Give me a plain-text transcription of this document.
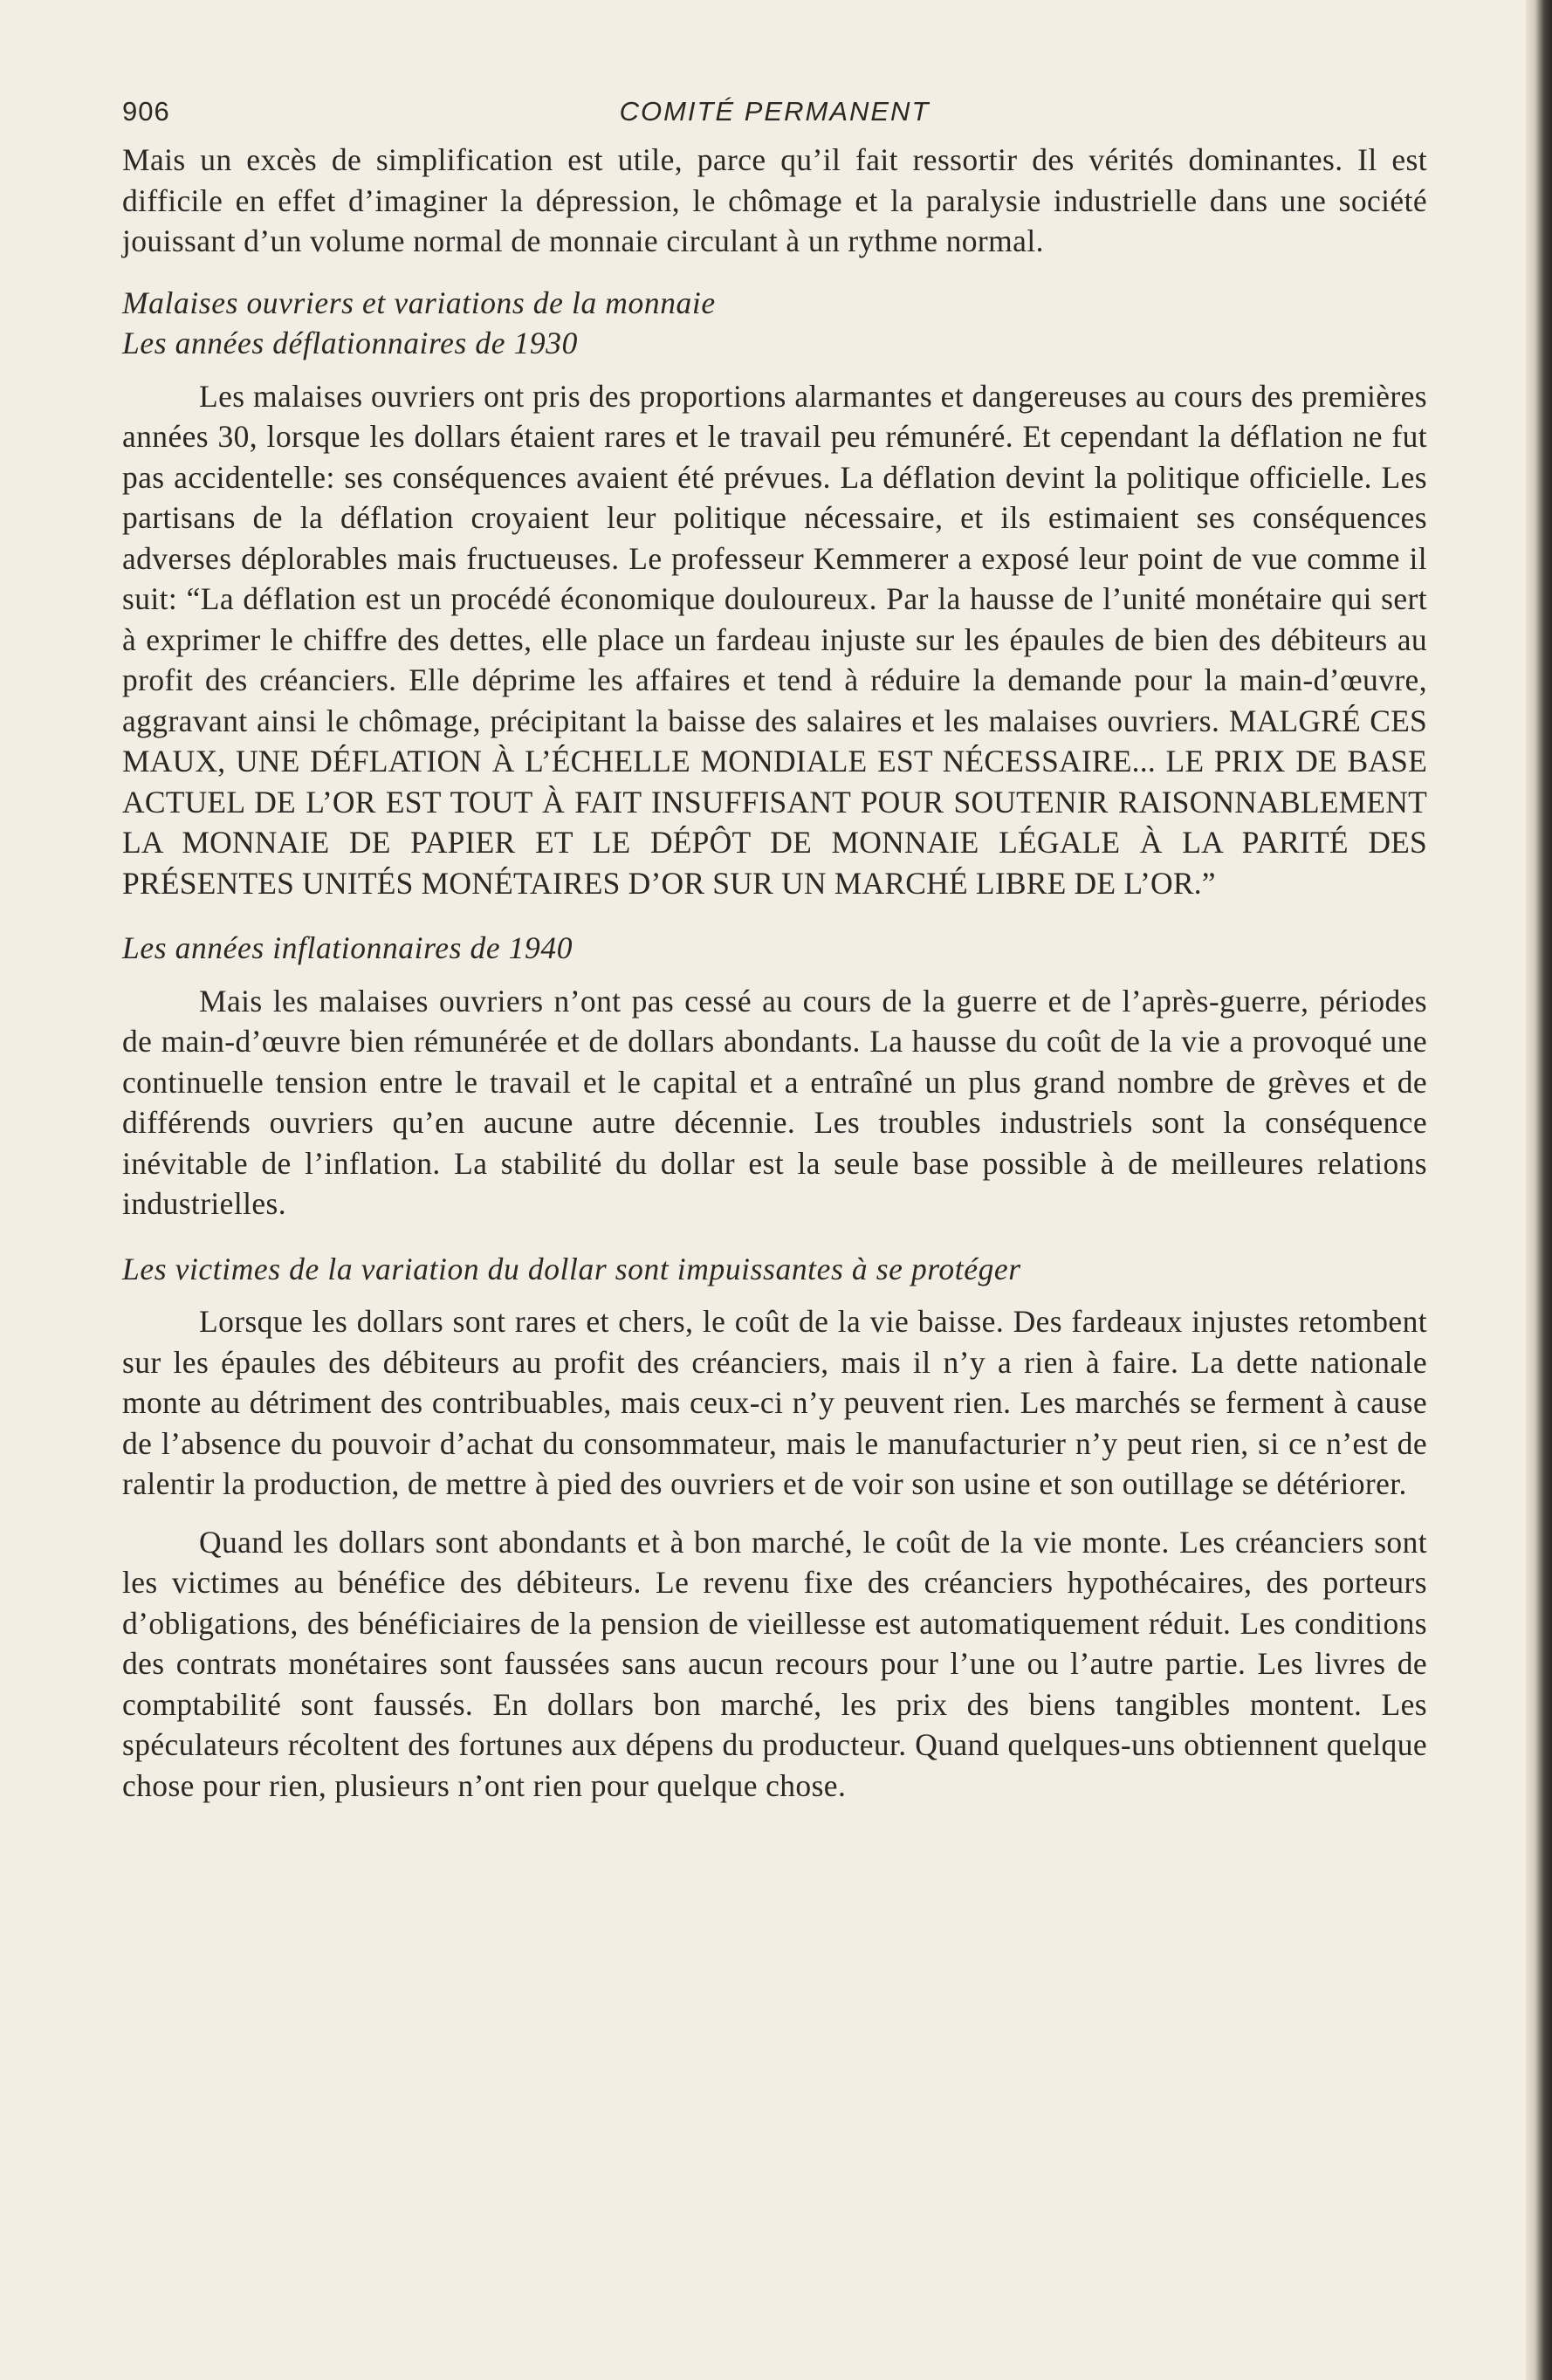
906	COMITÉ PERMANENT

Mais un excès de simplification est utile, parce qu’il fait ressortir des vérités dominantes. Il est difficile en effet d’imaginer la dépression, le chômage et la paralysie industrielle dans une société jouissant d’un volume normal de monnaie circulant à un rythme normal.

Malaises ouvriers et variations de la monnaie
Les années déflationnaires de 1930

Les malaises ouvriers ont pris des proportions alarmantes et dangereuses au cours des premières années 30, lorsque les dollars étaient rares et le travail peu rémunéré. Et cependant la déflation ne fut pas accidentelle: ses conséquences avaient été prévues. La déflation devint la politique officielle. Les partisans de la déflation croyaient leur politique nécessaire, et ils estimaient ses conséquences adverses déplorables mais fructueuses. Le professeur Kemmerer a exposé leur point de vue comme il suit: “La déflation est un procédé économique douloureux. Par la hausse de l’unité monétaire qui sert à exprimer le chiffre des dettes, elle place un fardeau injuste sur les épaules de bien des débiteurs au profit des créanciers. Elle déprime les affaires et tend à réduire la demande pour la main-d’œuvre, aggravant ainsi le chômage, précipitant la baisse des salaires et les malaises ouvriers. MALGRÉ CES MAUX, UNE DÉFLATION À L’ÉCHELLE MONDIALE EST NÉCESSAIRE... LE PRIX DE BASE ACTUEL DE L’OR EST TOUT À FAIT INSUFFISANT POUR SOUTENIR RAISONNABLEMENT LA MONNAIE DE PAPIER ET LE DÉPÔT DE MONNAIE LÉGALE À LA PARITÉ DES PRÉSENTES UNITÉS MONÉTAIRES D’OR SUR UN MARCHÉ LIBRE DE L’OR.”

Les années inflationnaires de 1940

Mais les malaises ouvriers n’ont pas cessé au cours de la guerre et de l’après-guerre, périodes de main-d’œuvre bien rémunérée et de dollars abondants. La hausse du coût de la vie a provoqué une continuelle tension entre le travail et le capital et a entraîné un plus grand nombre de grèves et de différends ouvriers qu’en aucune autre décennie. Les troubles industriels sont la conséquence inévitable de l’inflation. La stabilité du dollar est la seule base possible à de meilleures relations industrielles.

Les victimes de la variation du dollar sont impuissantes à se protéger

Lorsque les dollars sont rares et chers, le coût de la vie baisse. Des fardeaux injustes retombent sur les épaules des débiteurs au profit des créanciers, mais il n’y a rien à faire. La dette nationale monte au détriment des contribuables, mais ceux-ci n’y peuvent rien. Les marchés se ferment à cause de l’absence du pouvoir d’achat du consommateur, mais le manufacturier n’y peut rien, si ce n’est de ralentir la production, de mettre à pied des ouvriers et de voir son usine et son outillage se détériorer.

Quand les dollars sont abondants et à bon marché, le coût de la vie monte. Les créanciers sont les victimes au bénéfice des débiteurs. Le revenu fixe des créanciers hypothécaires, des porteurs d’obligations, des bénéficiaires de la pension de vieillesse est automatiquement réduit. Les conditions des contrats monétaires sont faussées sans aucun recours pour l’une ou l’autre partie. Les livres de comptabilité sont faussés. En dollars bon marché, les prix des biens tangibles montent. Les spéculateurs récoltent des fortunes aux dépens du producteur. Quand quelques-uns obtiennent quelque chose pour rien, plusieurs n’ont rien pour quelque chose.
